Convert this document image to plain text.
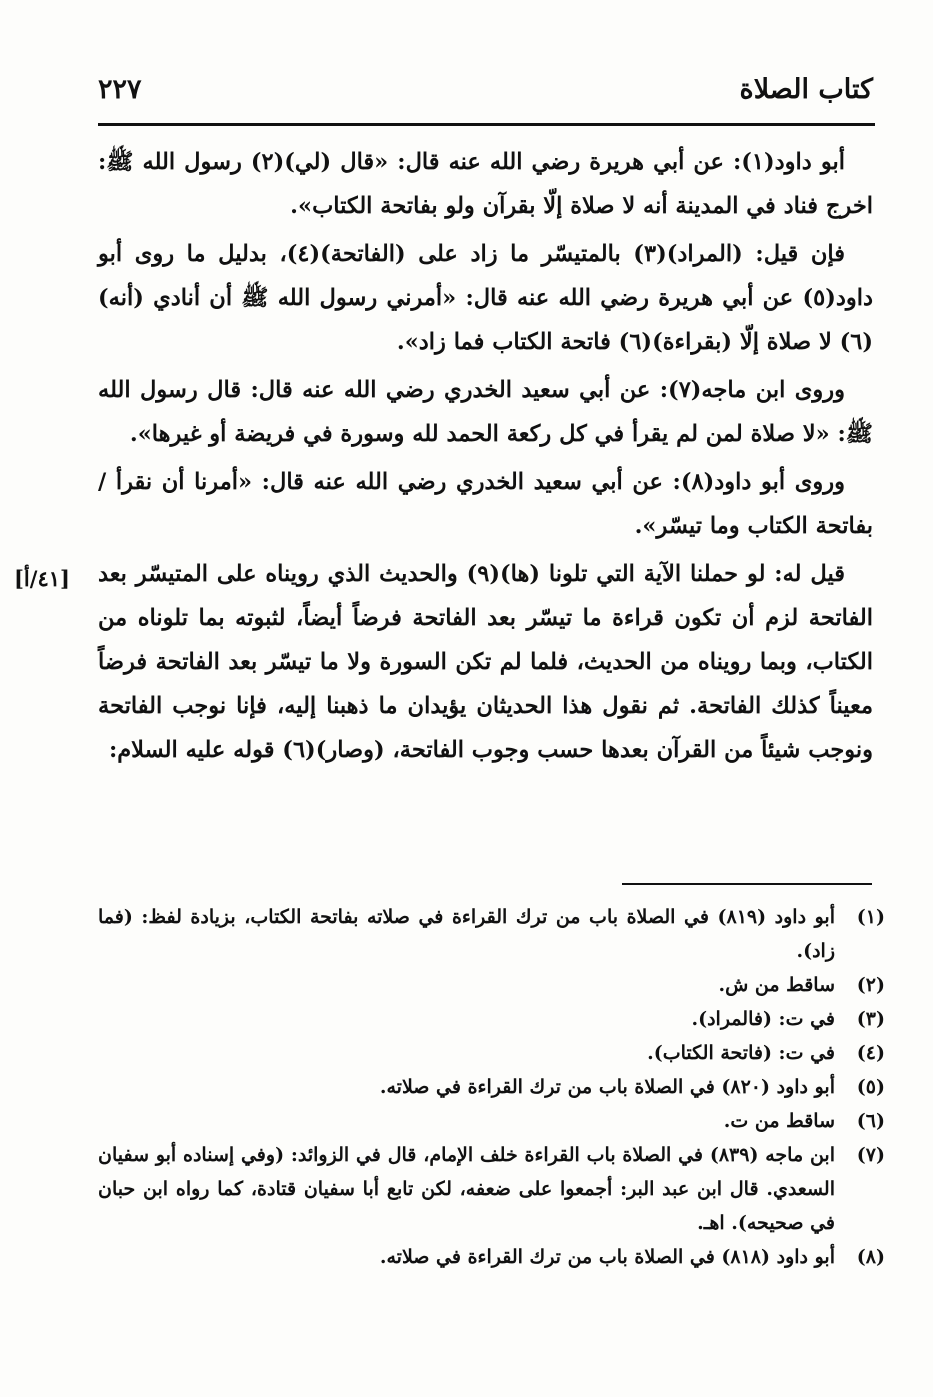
كتاب الصلاة
٢٢٧
[٤١/أ]

أبو داود(١): عن أبي هريرة رضي الله عنه قال: «قال (لي)(٢) رسول الله ﷺ: اخرج فناد في المدينة أنه لا صلاة إلّا بقرآن ولو بفاتحة الكتاب».

فإن قيل: (المراد)(٣) بالمتيسّر ما زاد على (الفاتحة)(٤)، بدليل ما روى أبو داود(٥) عن أبي هريرة رضي الله عنه قال: «أمرني رسول الله ﷺ أن أنادي (أنه)(٦) لا صلاة إلّا (بقراءة)(٦) فاتحة الكتاب فما زاد».

وروى ابن ماجه(٧): عن أبي سعيد الخدري رضي الله عنه قال: قال رسول الله ﷺ: «لا صلاة لمن لم يقرأ في كل ركعة الحمد لله وسورة في فريضة أو غيرها».

وروى أبو داود(٨): عن أبي سعيد الخدري رضي الله عنه قال: «أمرنا أن نقرأ / بفاتحة الكتاب وما تيسّر».

قيل له: لو حملنا الآية التي تلونا (ها)(٩) والحديث الذي رويناه على المتيسّر بعد الفاتحة لزم أن تكون قراءة ما تيسّر بعد الفاتحة فرضاً أيضاً، لثبوته بما تلوناه من الكتاب، وبما رويناه من الحديث، فلما لم تكن السورة ولا ما تيسّر بعد الفاتحة فرضاً معيناً كذلك الفاتحة. ثم نقول هذا الحديثان يؤيدان ما ذهبنا إليه، فإنا نوجب الفاتحة ونوجب شيئاً من القرآن بعدها حسب وجوب الفاتحة، (وصار)(٦) قوله عليه السلام:

(١)
أبو داود (٨١٩) في الصلاة باب من ترك القراءة في صلاته بفاتحة الكتاب، بزيادة لفظ: (فما زاد).
(٢)
ساقط من ش.
(٣)
في ت: (فالمراد).
(٤)
في ت: (فاتحة الكتاب).
(٥)
أبو داود (٨٢٠) في الصلاة باب من ترك القراءة في صلاته.
(٦)
ساقط من ت.
(٧)
ابن ماجه (٨٣٩) في الصلاة باب القراءة خلف الإمام، قال في الزوائد: (وفي إسناده أبو سفيان السعدي. قال ابن عبد البر: أجمعوا على ضعفه، لكن تابع أبا سفيان قتادة، كما رواه ابن حبان في صحيحه). اهـ.
(٨)
أبو داود (٨١٨) في الصلاة باب من ترك القراءة في صلاته.
